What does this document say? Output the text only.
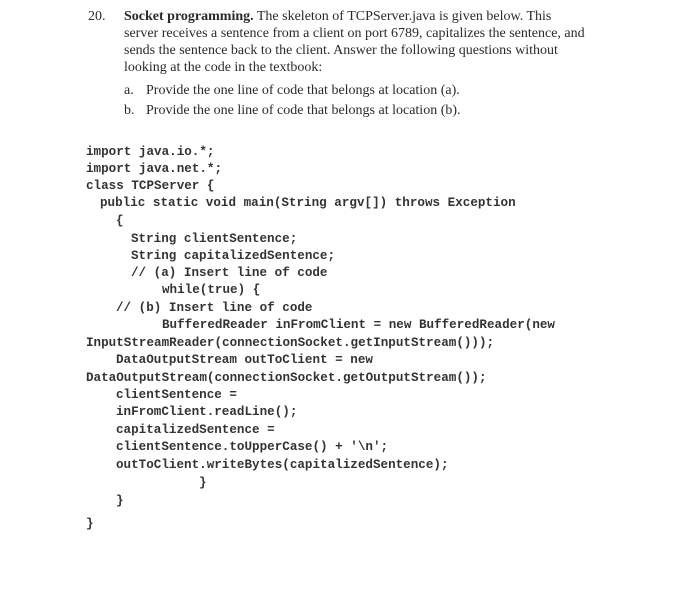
20. Socket programming. The skeleton of TCPServer.java is given below. This server receives a sentence from a client on port 6789, capitalizes the sentence, and sends the sentence back to the client. Answer the following questions without looking at the code in the textbook:
a. Provide the one line of code that belongs at location (a).
b. Provide the one line of code that belongs at location (b).
import java.io.*;
import java.net.*;
class TCPServer {
public static void main(String argv[]) throws Exception
{
String clientSentence;
String capitalizedSentence;
// (a) Insert line of code
while(true) {
// (b) Insert line of code
BufferedReader inFromClient = new BufferedReader(new
InputStreamReader(connectionSocket.getInputStream()));
DataOutputStream outToClient = new
DataOutputStream(connectionSocket.getOutputStream());
clientSentence =
inFromClient.readLine();
capitalizedSentence =
clientSentence.toUpperCase() + '\n';
outToClient.writeBytes(capitalizedSentence);
}
}
}
